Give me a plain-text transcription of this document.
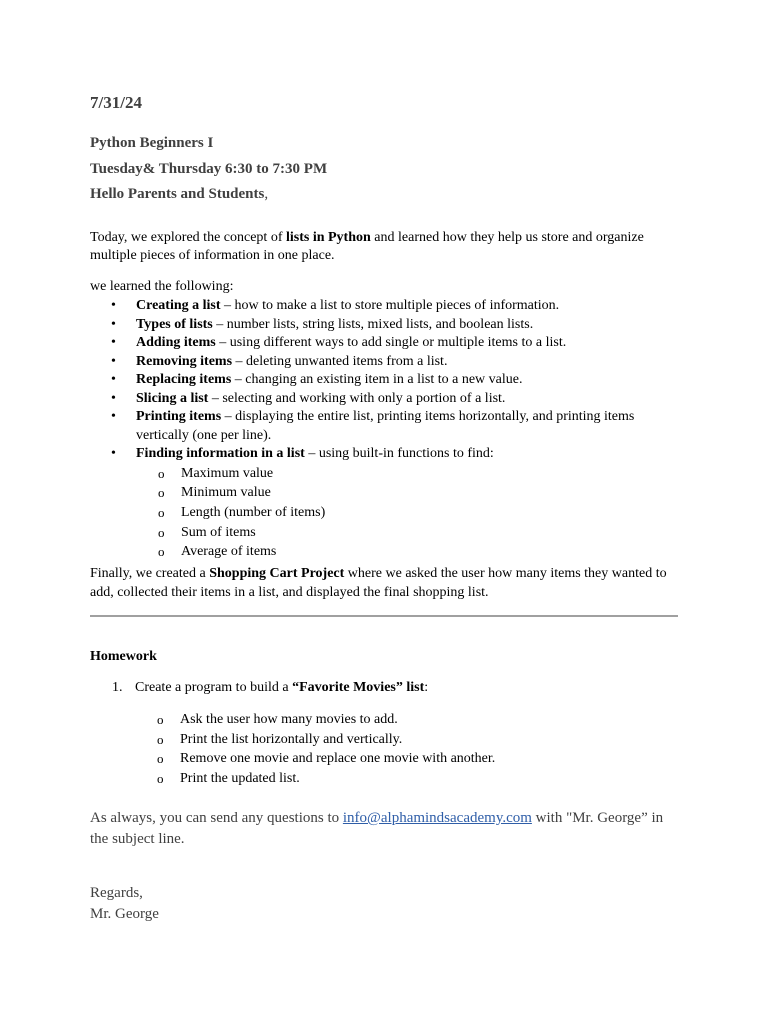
7/31/24
Python Beginners I
Tuesday& Thursday 6:30 to 7:30 PM
Hello Parents and Students,
Today, we explored the concept of lists in Python and learned how they help us store and organize multiple pieces of information in one place.
we learned the following:
• Creating a list – how to make a list to store multiple pieces of information.
• Types of lists – number lists, string lists, mixed lists, and boolean lists.
• Adding items – using different ways to add single or multiple items to a list.
• Removing items – deleting unwanted items from a list.
• Replacing items – changing an existing item in a list to a new value.
• Slicing a list – selecting and working with only a portion of a list.
• Printing items – displaying the entire list, printing items horizontally, and printing items vertically (one per line).
• Finding information in a list – using built-in functions to find:
o Maximum value
o Minimum value
o Length (number of items)
o Sum of items
o Average of items
Finally, we created a Shopping Cart Project where we asked the user how many items they wanted to add, collected their items in a list, and displayed the final shopping list.
Homework
1. Create a program to build a “Favorite Movies” list:
o Ask the user how many movies to add.
o Print the list horizontally and vertically.
o Remove one movie and replace one movie with another.
o Print the updated list.
As always, you can send any questions to info@alphamindsacademy.com with "Mr. George” in the subject line.
Regards,
Mr. George
